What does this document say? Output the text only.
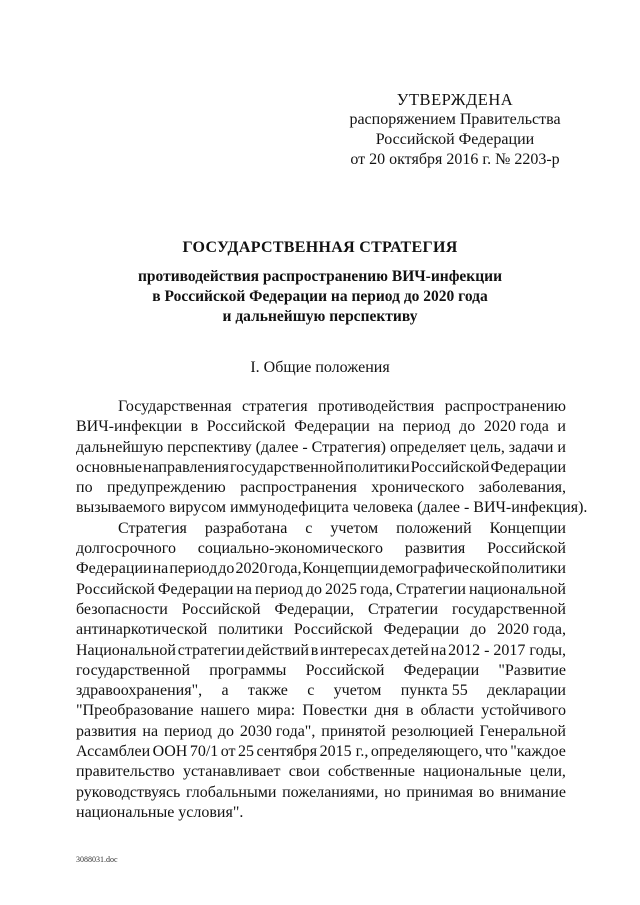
УТВЕРЖДЕНА
распоряжением Правительства
Российской Федерации
от 20 октября 2016 г. № 2203-р
ГОСУДАРСТВЕННАЯ СТРАТЕГИЯ
противодействия распространению ВИЧ-инфекции
в Российской Федерации на период до 2020 года
и дальнейшую перспективу
I. Общие положения
Государственная стратегия противодействия распространению
ВИЧ-инфекции в Российской Федерации на период до 2020 года и
дальнейшую перспективу (далее - Стратегия) определяет цель, задачи и
основные направления государственной политики Российской Федерации
по предупреждению распространения хронического заболевания,
вызываемого вирусом иммунодефицита человека (далее - ВИЧ-инфекция).
Стратегия разработана с учетом положений Концепции
долгосрочного социально-экономического развития Российской
Федерации на период до 2020 года, Концепции демографической политики
Российской Федерации на период до 2025 года, Стратегии национальной
безопасности Российской Федерации, Стратегии государственной
антинаркотической политики Российской Федерации до 2020 года,
Национальной стратегии действий в интересах детей на 2012 - 2017 годы,
государственной программы Российской Федерации "Развитие
здравоохранения", а также с учетом пункта 55 декларации
"Преобразование нашего мира: Повестки дня в области устойчивого
развития на период до 2030 года", принятой резолюцией Генеральной
Ассамблеи ООН 70/1 от 25 сентября 2015 г., определяющего, что "каждое
правительство устанавливает свои собственные национальные цели,
руководствуясь глобальными пожеланиями, но принимая во внимание
национальные условия".
3088031.doc
